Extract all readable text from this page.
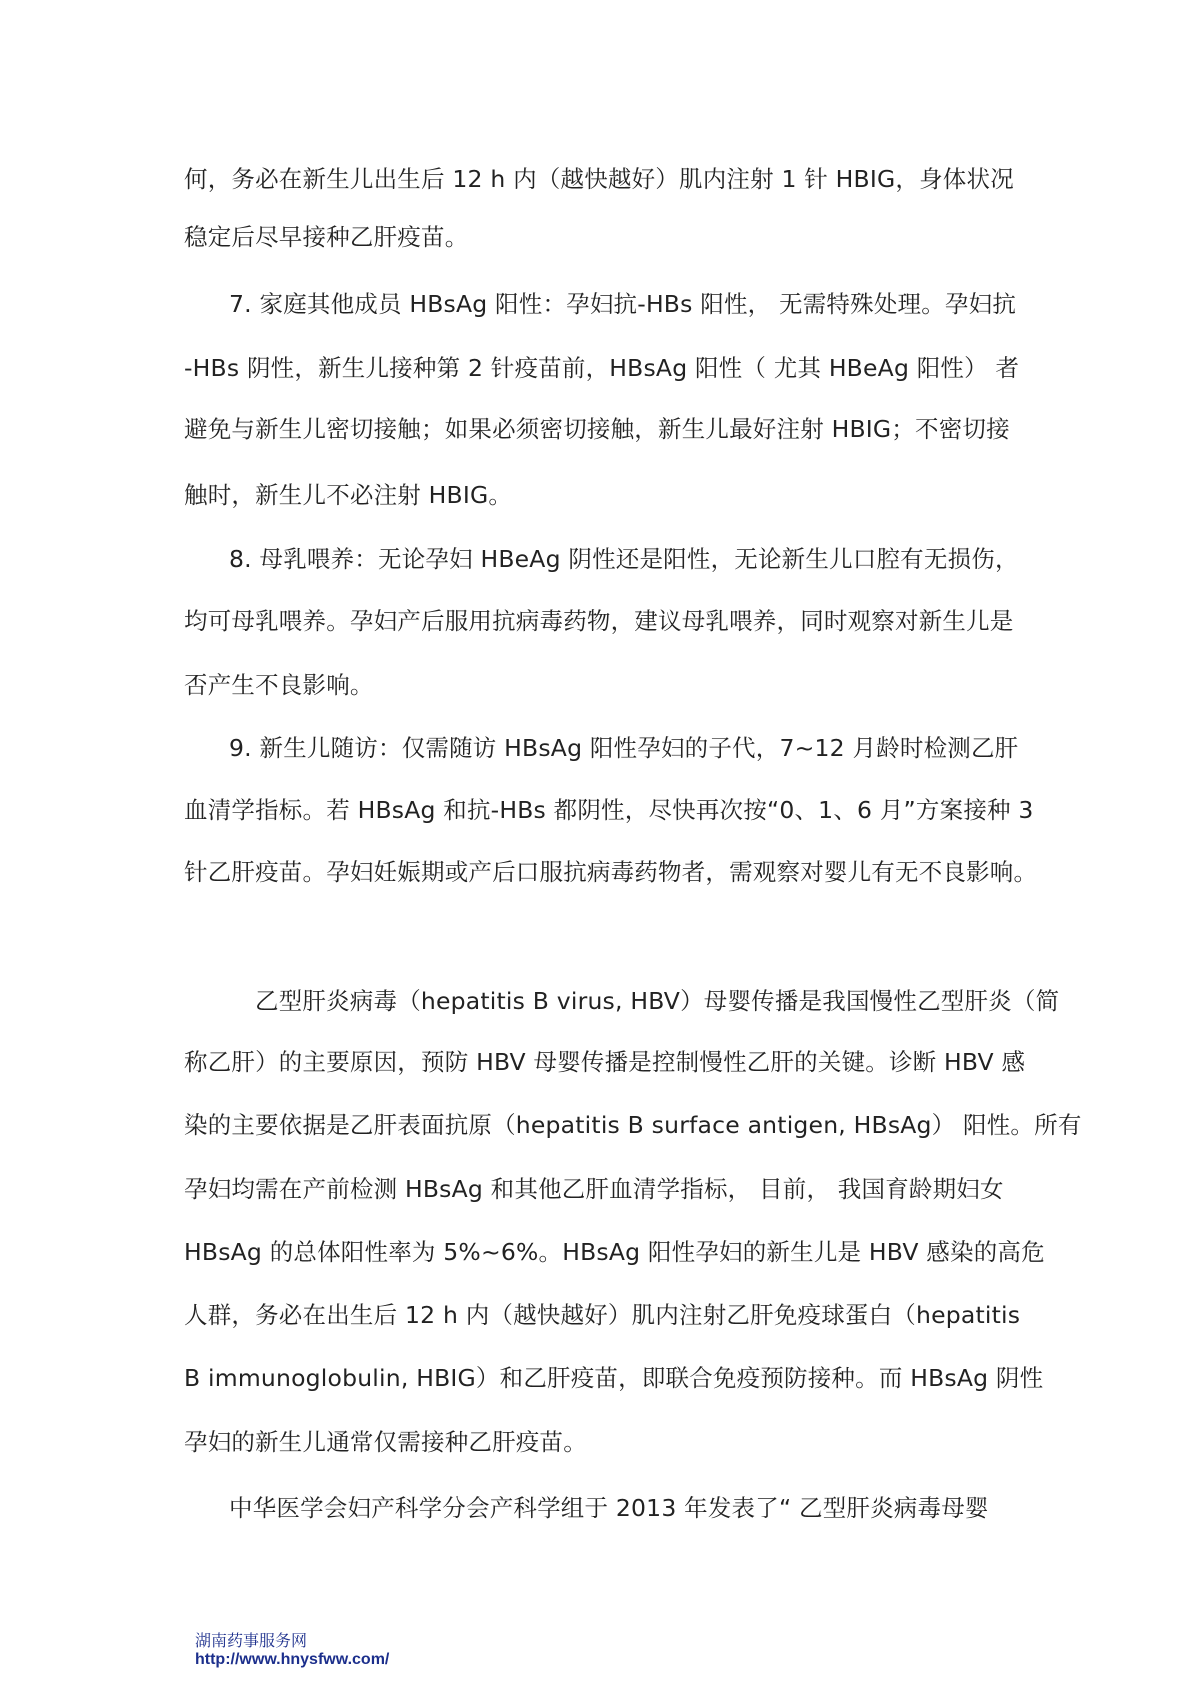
何，务必在新生儿出生后 12 h 内（越快越好）肌内注射 1 针 HBIG，身体状况
稳定后尽早接种乙肝疫苗。
7. 家庭其他成员 HBsAg 阳性：孕妇抗-HBs 阳性， 无需特殊处理。孕妇抗
-HBs 阴性，新生儿接种第 2 针疫苗前，HBsAg 阳性（ 尤其 HBeAg 阳性） 者
避免与新生儿密切接触；如果必须密切接触，新生儿最好注射 HBIG；不密切接
触时，新生儿不必注射 HBIG。
8. 母乳喂养：无论孕妇 HBeAg 阴性还是阳性，无论新生儿口腔有无损伤，
均可母乳喂养。孕妇产后服用抗病毒药物，建议母乳喂养，同时观察对新生儿是
否产生不良影响。
9. 新生儿随访：仅需随访 HBsAg 阳性孕妇的子代，7~12 月龄时检测乙肝
血清学指标。若 HBsAg 和抗-HBs 都阴性，尽快再次按“0、1、6 月”方案接种 3
针乙肝疫苗。孕妇妊娠期或产后口服抗病毒药物者，需观察对婴儿有无不良影响。
乙型肝炎病毒（hepatitis B virus, HBV）母婴传播是我国慢性乙型肝炎（简
称乙肝）的主要原因，预防 HBV 母婴传播是控制慢性乙肝的关键。诊断 HBV 感
染的主要依据是乙肝表面抗原（hepatitis B surface antigen, HBsAg） 阳性。所有
孕妇均需在产前检测 HBsAg 和其他乙肝血清学指标， 目前， 我国育龄期妇女
HBsAg 的总体阳性率为 5%~6%。HBsAg 阳性孕妇的新生儿是 HBV 感染的高危
人群，务必在出生后 12 h 内（越快越好）肌内注射乙肝免疫球蛋白（hepatitis
B immunoglobulin, HBIG）和乙肝疫苗，即联合免疫预防接种。而 HBsAg 阴性
孕妇的新生儿通常仅需接种乙肝疫苗。
中华医学会妇产科学分会产科学组于 2013 年发表了“ 乙型肝炎病毒母婴
湖南药事服务网
http://www.hnysfww.com/
